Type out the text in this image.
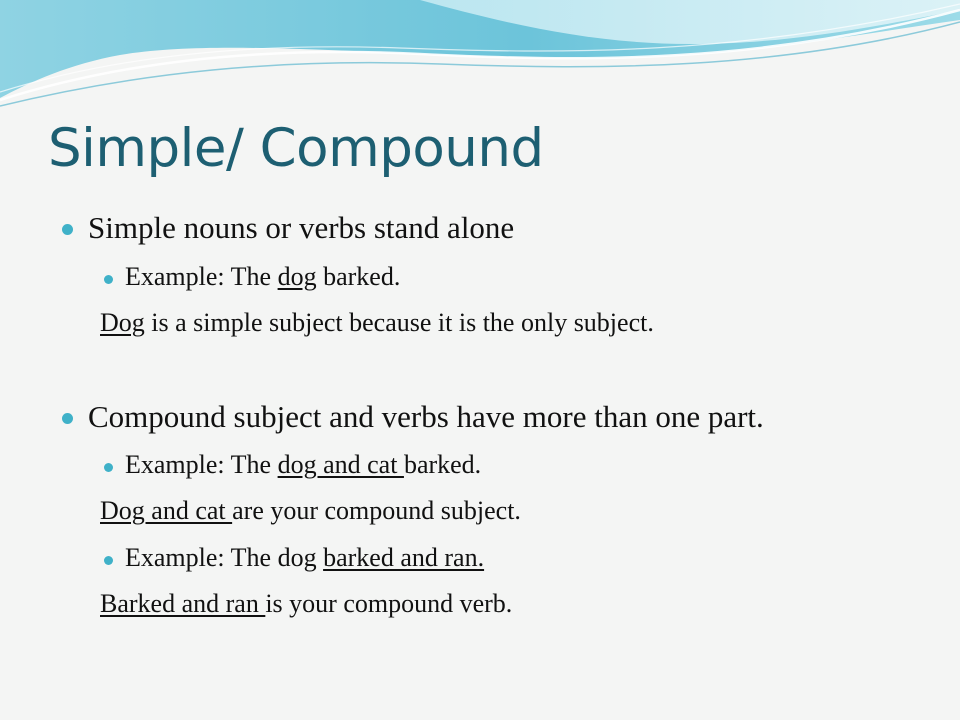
Simple/ Compound
Simple nouns or verbs stand alone
Example: The dog barked.
Dog is a simple subject because it is the only subject.
Compound subject and verbs have more than one part.
Example: The dog and cat barked.
Dog and cat are your compound subject.
Example: The dog barked and ran.
Barked and ran is your compound verb.
